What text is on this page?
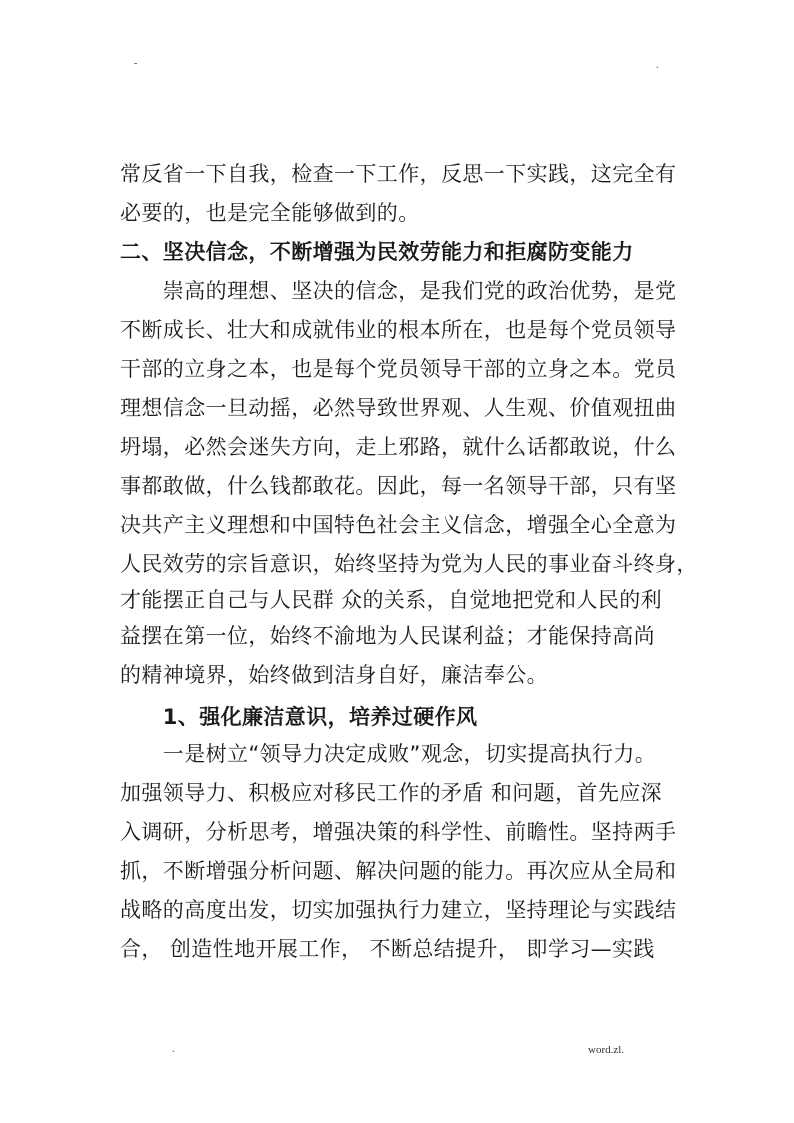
-	.
常反省一下自我，检查一下工作，反思一下实践，这完全有
必要的，也是完全能够做到的。
二、坚决信念，不断增强为民效劳能力和拒腐防变能力
　　崇高的理想、坚决的信念，是我们党的政治优势，是党
不断成长、壮大和成就伟业的根本所在，也是每个党员领导
干部的立身之本，也是每个党员领导干部的立身之本。党员
理想信念一旦动摇，必然导致世界观、人生观、价值观扭曲
坍塌，必然会迷失方向，走上邪路，就什么话都敢说，什么
事都敢做，什么钱都敢花。因此，每一名领导干部，只有坚
决共产主义理想和中国特色社会主义信念，增强全心全意为
人民效劳的宗旨意识，始终坚持为党为人民的事业奋斗终身，
才能摆正自己与人民群 众的关系，自觉地把党和人民的利
益摆在第一位，始终不渝地为人民谋利益；才能保持高尚
的精神境界，始终做到洁身自好，廉洁奉公。
　　1、强化廉洁意识，培养过硬作风
　　一是树立“领导力决定成败”观念，切实提高执行力。
加强领导力、积极应对移民工作的矛盾 和问题，首先应深
入调研，分析思考，增强决策的科学性、前瞻性。坚持两手
抓，不断增强分析问题、解决问题的能力。再次应从全局和
战略的高度出发，切实加强执行力建立，坚持理论与实践结
合， 创造性地开展工作， 不断总结提升， 即学习—实践
.	word.zl.
